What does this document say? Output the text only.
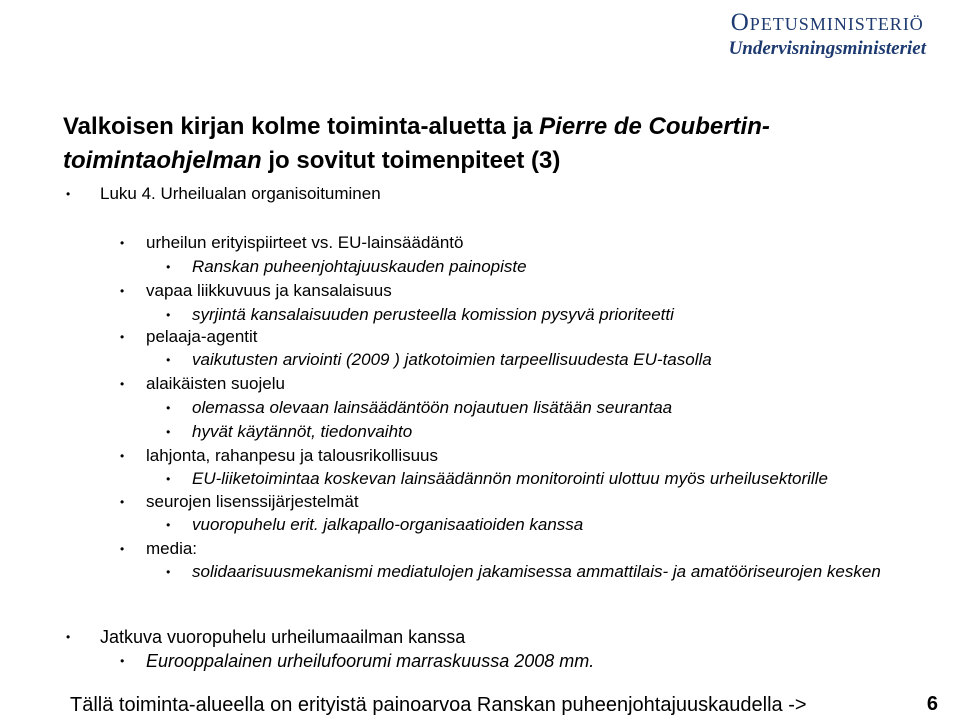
Opetusministeriö
Undervisningsministeriet
Valkoisen kirjan kolme toiminta-aluetta ja Pierre de Coubertin-
toimintaohjelman jo sovitut toimenpiteet (3)
• Luku 4. Urheilualan organisoituminen
• urheilun erityispiirteet vs. EU-lainsäädäntö
• Ranskan puheenjohtajuuskauden painopiste
• vapaa liikkuvuus ja kansalaisuus
• syrjintä kansalaisuuden perusteella komission pysyvä prioriteetti
• pelaaja-agentit
• vaikutusten arviointi (2009 ) jatkotoimien tarpeellisuudesta EU-tasolla
• alaikäisten suojelu
• olemassa olevaan lainsäädäntöön nojautuen lisätään seurantaa
• hyvät käytännöt, tiedonvaihto
• lahjonta, rahanpesu ja talousrikollisuus
• EU-liiketoimintaa koskevan lainsäädännön monitorointi ulottuu myös urheilusektorille
• seurojen lisenssijärjestelmät
• vuoropuhelu erit. jalkapallo-organisaatioiden kanssa
• media:
• solidaarisuusmekanismi mediatulojen jakamisessa ammattilais- ja amatööriseurojen kesken
• Jatkuva vuoropuhelu urheilumaailman kanssa
• Eurooppalainen urheilufoorumi marraskuussa 2008 mm.
Tällä toiminta-alueella on erityistä painoarvoa Ranskan puheenjohtajuuskaudella ->	6
